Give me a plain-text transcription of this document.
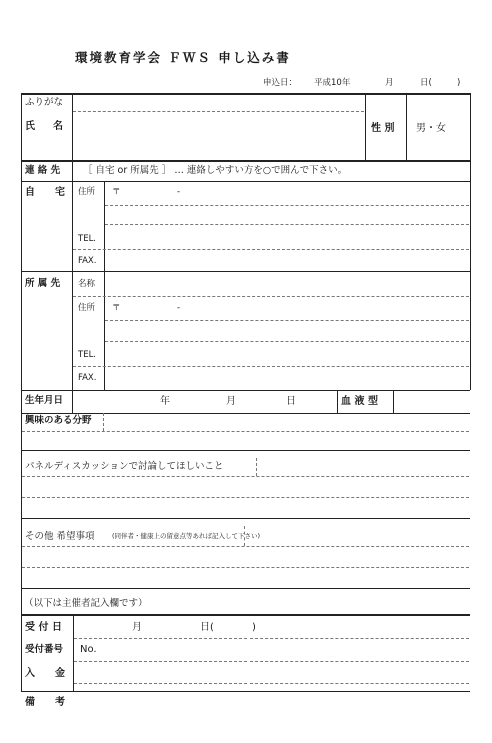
環境教育学会 ＦＷＳ 申し込み書
申込日： 平成10年	月	日(	)
ふりがな
氏　名	性 別 男・女
連 絡 先 ［ 自宅 or 所属先 ］ … 連絡しやすい方を○で囲んで下さい。
自　宅 住所 〒	-
TEL.
FAX.
所 属 先 名称
住所 〒	-
TEL.
FAX.
生年月日	年	月	日	血 液 型
興味のある分野
パネルディスカッションで討論してほしいこと
その他 希望事項	(同伴者・健康上の留意点等あれば記入して下さい)
（以下は主催者記入欄です）
受 付 日	月	日(	)
受付番号 No.
入　金
備　考
